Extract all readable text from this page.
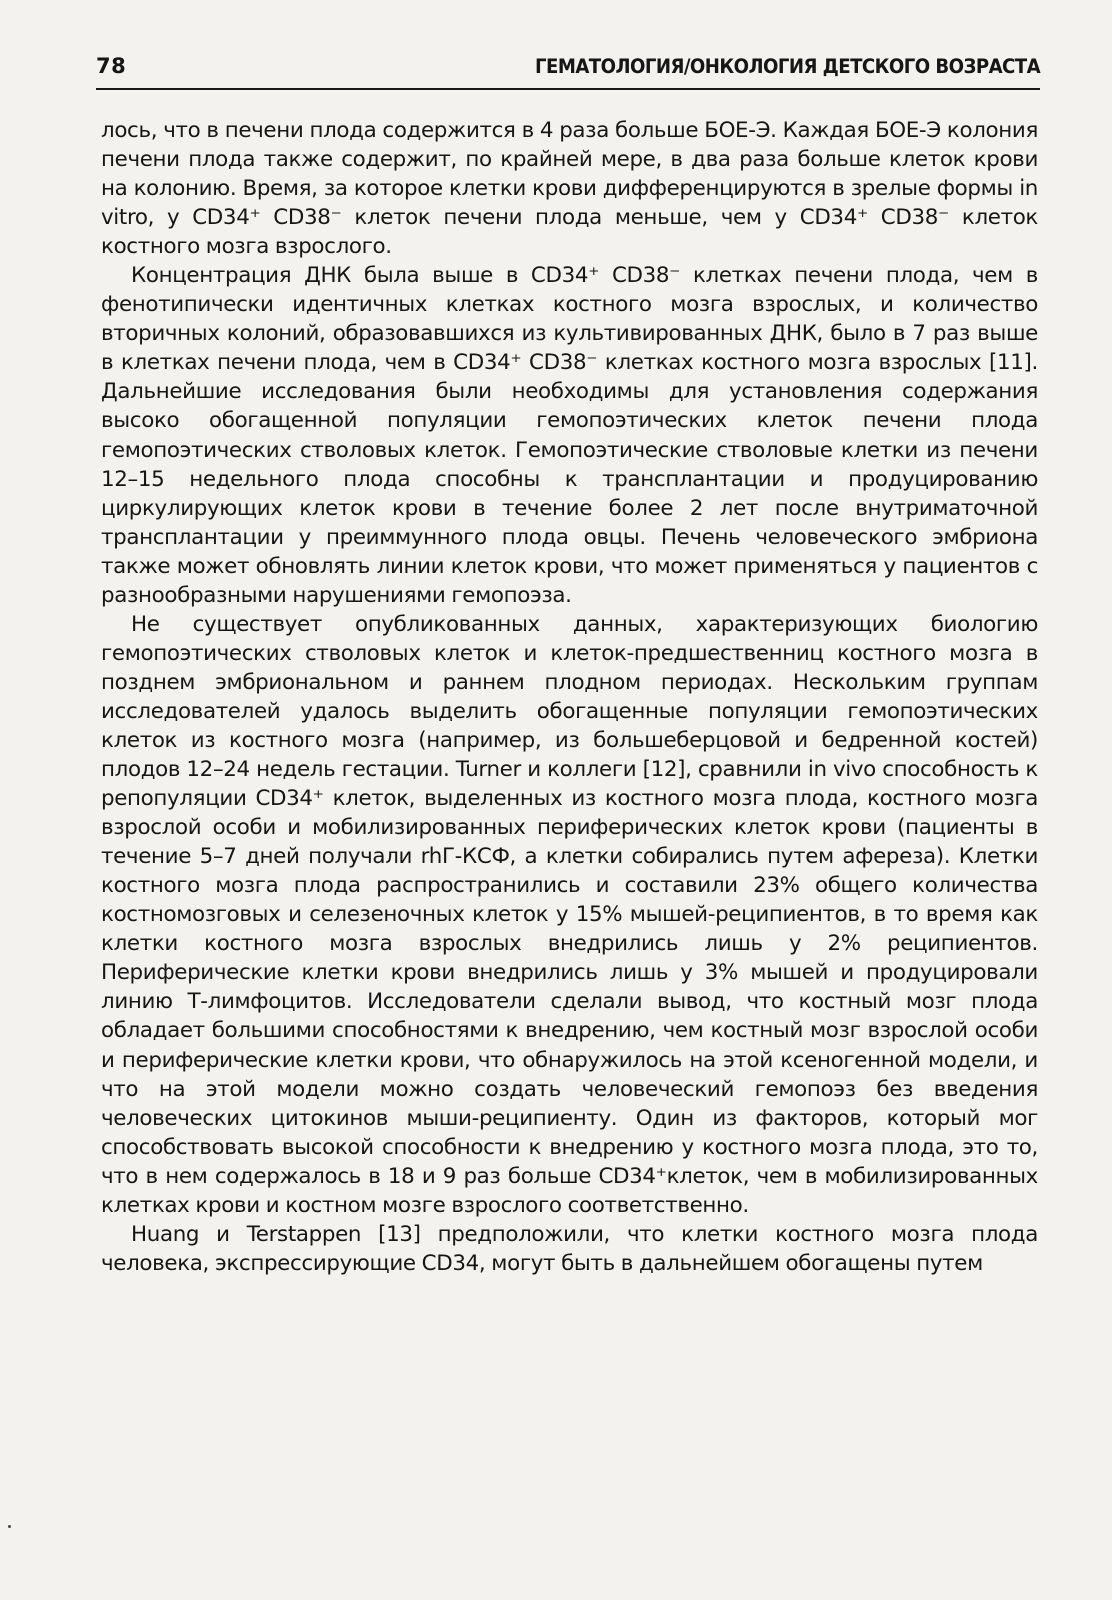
78	ГЕМАТОЛОГИЯ/ОНКОЛОГИЯ ДЕТСКОГО ВОЗРАСТА

лось, что в печени плода содержится в 4 раза больше БОЕ-Э. Каждая БОЕ-Э колония печени плода также содержит, по крайней мере, в два раза больше клеток крови на колонию. Время, за которое клетки крови дифференцируются в зрелые формы in vitro, у CD34⁺ CD38⁻ клеток печени плода меньше, чем у CD34⁺ CD38⁻ клеток костного мозга взрослого.

Концентрация ДНК была выше в CD34⁺ CD38⁻ клетках печени плода, чем в фенотипически идентичных клетках костного мозга взрослых, и количество вторичных колоний, образовавшихся из культивированных ДНК, было в 7 раз выше в клетках печени плода, чем в CD34⁺ CD38⁻ клетках костного мозга взрослых [11]. Дальнейшие исследования были необходимы для установления содержания высоко обогащенной популяции гемопоэтических клеток печени плода гемопоэтических стволовых клеток. Гемопоэтические стволовые клетки из печени 12–15 недельного плода способны к трансплантации и продуцированию циркулирующих клеток крови в течение более 2 лет после внутриматочной трансплантации у преиммунного плода овцы. Печень человеческого эмбриона также может обновлять линии клеток крови, что может применяться у пациентов с разнообразными нарушениями гемопоэза.

Не существует опубликованных данных, характеризующих биологию гемопоэтических стволовых клеток и клеток-предшественниц костного мозга в позднем эмбриональном и раннем плодном периодах. Нескольким группам исследователей удалось выделить обогащенные популяции гемопоэтических клеток из костного мозга (например, из большеберцовой и бедренной костей) плодов 12–24 недель гестации. Turner и коллеги [12], сравнили in vivo способность к репопуляции CD34⁺ клеток, выделенных из костного мозга плода, костного мозга взрослой особи и мобилизированных периферических клеток крови (пациенты в течение 5–7 дней получали rhГ-КСФ, а клетки собирались путем афереза). Клетки костного мозга плода распространились и составили 23% общего количества костномозговых и селезеночных клеток у 15% мышей-реципиентов, в то время как клетки костного мозга взрослых внедрились лишь у 2% реципиентов. Периферические клетки крови внедрились лишь у 3% мышей и продуцировали линию Т-лимфоцитов. Исследователи сделали вывод, что костный мозг плода обладает большими способностями к внедрению, чем костный мозг взрослой особи и периферические клетки крови, что обнаружилось на этой ксеногенной модели, и что на этой модели можно создать человеческий гемопоэз без введения человеческих цитокинов мыши-реципиенту. Один из факторов, который мог способствовать высокой способности к внедрению у костного мозга плода, это то, что в нем содержалось в 18 и 9 раз больше CD34⁺клеток, чем в мобилизированных клетках крови и костном мозге взрослого соответственно.

Huang и Terstappen [13] предположили, что клетки костного мозга плода человека, экспрессирующие CD34, могут быть в дальнейшем обогащены путем
